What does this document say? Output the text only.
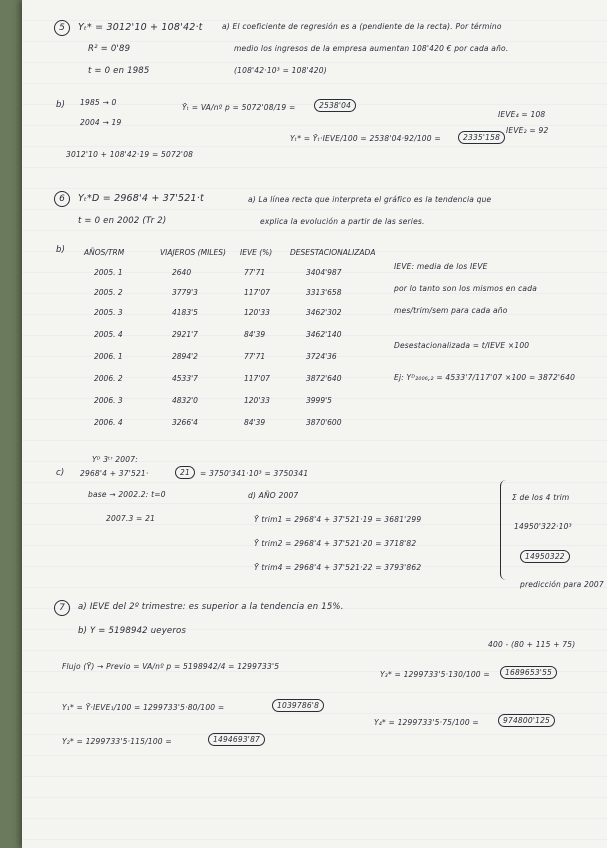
5	Yₜ* = 3012'10 + 108'42·t
R² = 0'89
t = 0 en 1985
a) El coeficiente de regresión es a (pendiente de la recta). Por término
medio los ingresos de la empresa aumentan 108'420 € por cada año.
(108'42·10³ = 108'420)
b) 1985 → 0
2004 → 19
3012'10 + 108'42·19 = 5072'08
Ȳₜ = VA/nº p = 5072'08/19 =	2538'04
Yₜ* = Ȳₜ·IEVE/100 = 2538'04·92/100 =	2335'158
IEVE₄ = 108
IEVE₂ = 92
6	Yₜ*D = 2968'4 + 37'521·t
t = 0 en 2002 (Tr 2)
a) La línea recta que interpreta el gráfico es la tendencia que
explica la evolución a partir de las series.
b)	AÑOS/TRM	VIAJEROS (MILES) IEVE (%) DESESTACIONALIZADA
2005. 1	2640	77'71	3404'987
2005. 2	3779'3	117'07	3313'658
2005. 3	4183'5	120'33	3462'302
2005. 4	2921'7	84'39	3462'140
2006. 1	2894'2	77'71	3724'36
2006. 2	4533'7	117'07	3872'640
2006. 3	4832'0	120'33	3999'5
2006. 4	3266'4	84'39	3870'600
IEVE: media de los IEVE
por lo tanto son los mismos en cada
mes/trim/sem para cada año
Desestacionalizada = t/IEVE ×100
Ej: Yᴰ₂₀₀₆,₂ = 4533'7/117'07 ×100 = 3872'640
Yᴰ 3ᵗʳ 2007:
c) 2968'4 + 37'521·	21	= 3750'341·10³ = 3750341
base → 2002.2: t=0
2007.3 = 21
d) AÑO 2007
Ȳ trim1 = 2968'4 + 37'521·19 = 3681'299
Ȳ trim2 = 2968'4 + 37'521·20 = 3718'82
Ȳ trim4 = 2968'4 + 37'521·22 = 3793'862
Σ de los 4 trim
14950'322·10³
14950322
predicción para 2007
7	a) IEVE del 2º trimestre: es superior a la tendencia en 15%.
b) Y = 5198942 ueyeros
400 - (80 + 115 + 75)
Flujo (Ȳ) → Previo = VA/nº p = 5198942/4 = 1299733'5
Y₃* = 1299733'5·130/100 =	1689653'55
Y₁* = Ȳ·IEVE₁/100 = 1299733'5·80/100 =	1039786'8
Y₄* = 1299733'5·75/100 =	974800'125
Y₂* = 1299733'5·115/100 =	1494693'87
